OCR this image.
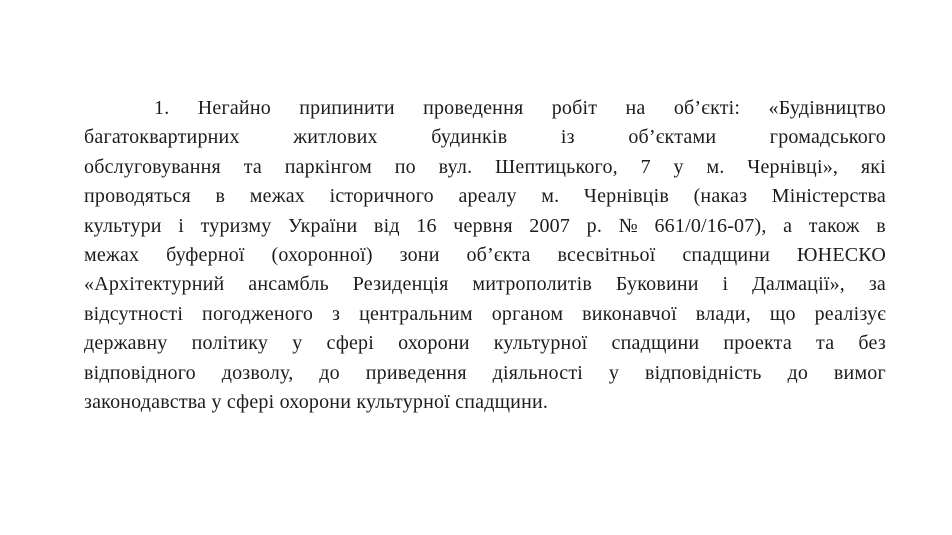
1. Негайно припинити проведення робіт на об’єкті: «Будівництво
багатоквартирних	житлових	будинків	із	об’єктами	громадського
обслуговування та паркінгом по вул. Шептицького, 7 у м. Чернівці», які
проводяться в межах історичного ареалу м. Чернівців (наказ Міністерства
культури і туризму України від 16 червня 2007 р. № 661/0/16-07), а також в
межах буферної (охоронної) зони об’єкта всесвітньої спадщини ЮНЕСКО
«Архітектурний ансамбль Резиденція митрополитів Буковини і Далмації», за
відсутності погодженого з центральним органом виконавчої влади, що реалізує
державну політику у сфері охорони культурної спадщини проекта та без
відповідного дозволу, до приведення діяльності у відповідність до вимог
законодавства у сфері охорони культурної спадщини.
